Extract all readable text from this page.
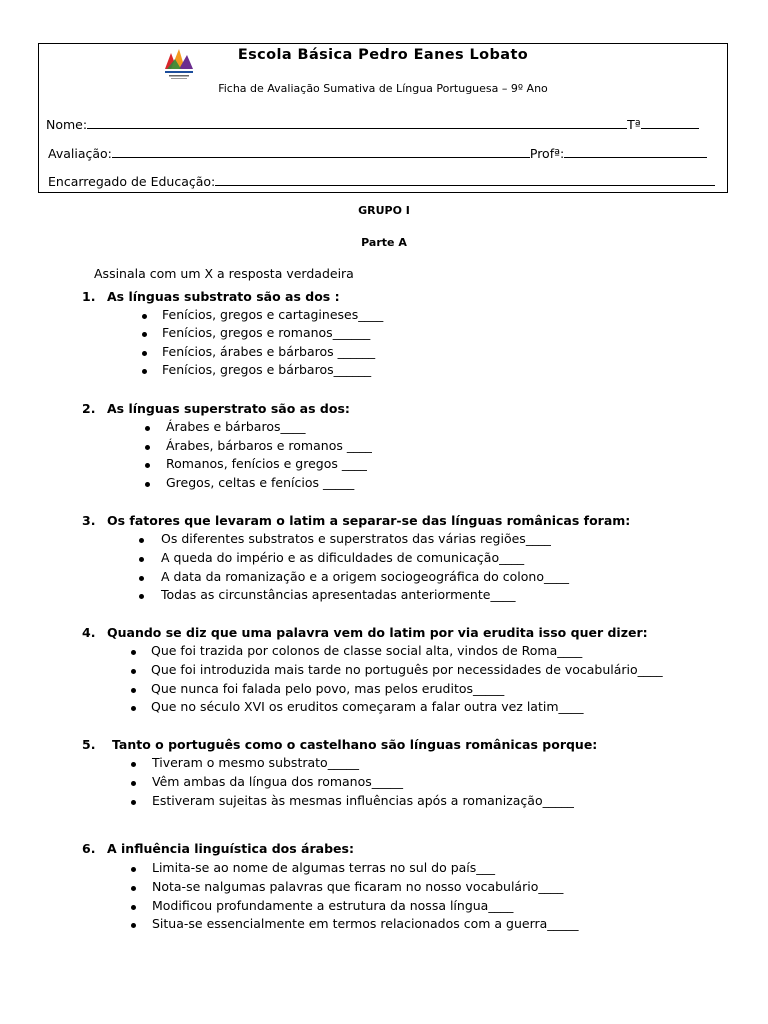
Escola Básica Pedro Eanes Lobato
Ficha de Avaliação Sumativa de Língua Portuguesa – 9º Ano
Nome:	Tª
Avaliação:	Profª:
Encarregado de Educação:
GRUPO I
Parte A
Assinala com um X a resposta verdadeira
1. As línguas substrato são as dos :
Fenícios, gregos e cartagineses____
Fenícios, gregos e romanos______
Fenícios, árabes e bárbaros ______
Fenícios, gregos e bárbaros______
2. As línguas superstrato são as dos:
Árabes e bárbaros____
Árabes, bárbaros e romanos ____
Romanos, fenícios e gregos ____
Gregos, celtas e fenícios _____
3. Os fatores que levaram o latim a separar-se das línguas românicas foram:
Os diferentes substratos e superstratos das várias regiões____
A queda do império e as dificuldades de comunicação____
A data da romanização e a origem sociogeográfica do colono____
Todas as circunstâncias apresentadas anteriormente____
4. Quando se diz que uma palavra vem do latim por via erudita isso quer dizer:
Que foi trazida por colonos de classe social alta, vindos de Roma____
Que foi introduzida mais tarde no português por necessidades de vocabulário____
Que nunca foi falada pelo povo, mas pelos eruditos_____
Que no século XVI os eruditos começaram a falar outra vez latim____
5. Tanto o português como o castelhano são línguas românicas porque:
Tiveram o mesmo substrato_____
Vêm ambas da língua dos romanos_____
Estiveram sujeitas às mesmas influências após a romanização_____
6. A influência linguística dos árabes:
Limita-se ao nome de algumas terras no sul do país___
Nota-se nalgumas palavras que ficaram no nosso vocabulário____
Modificou profundamente a estrutura da nossa língua____
Situa-se essencialmente em termos relacionados com a guerra_____
